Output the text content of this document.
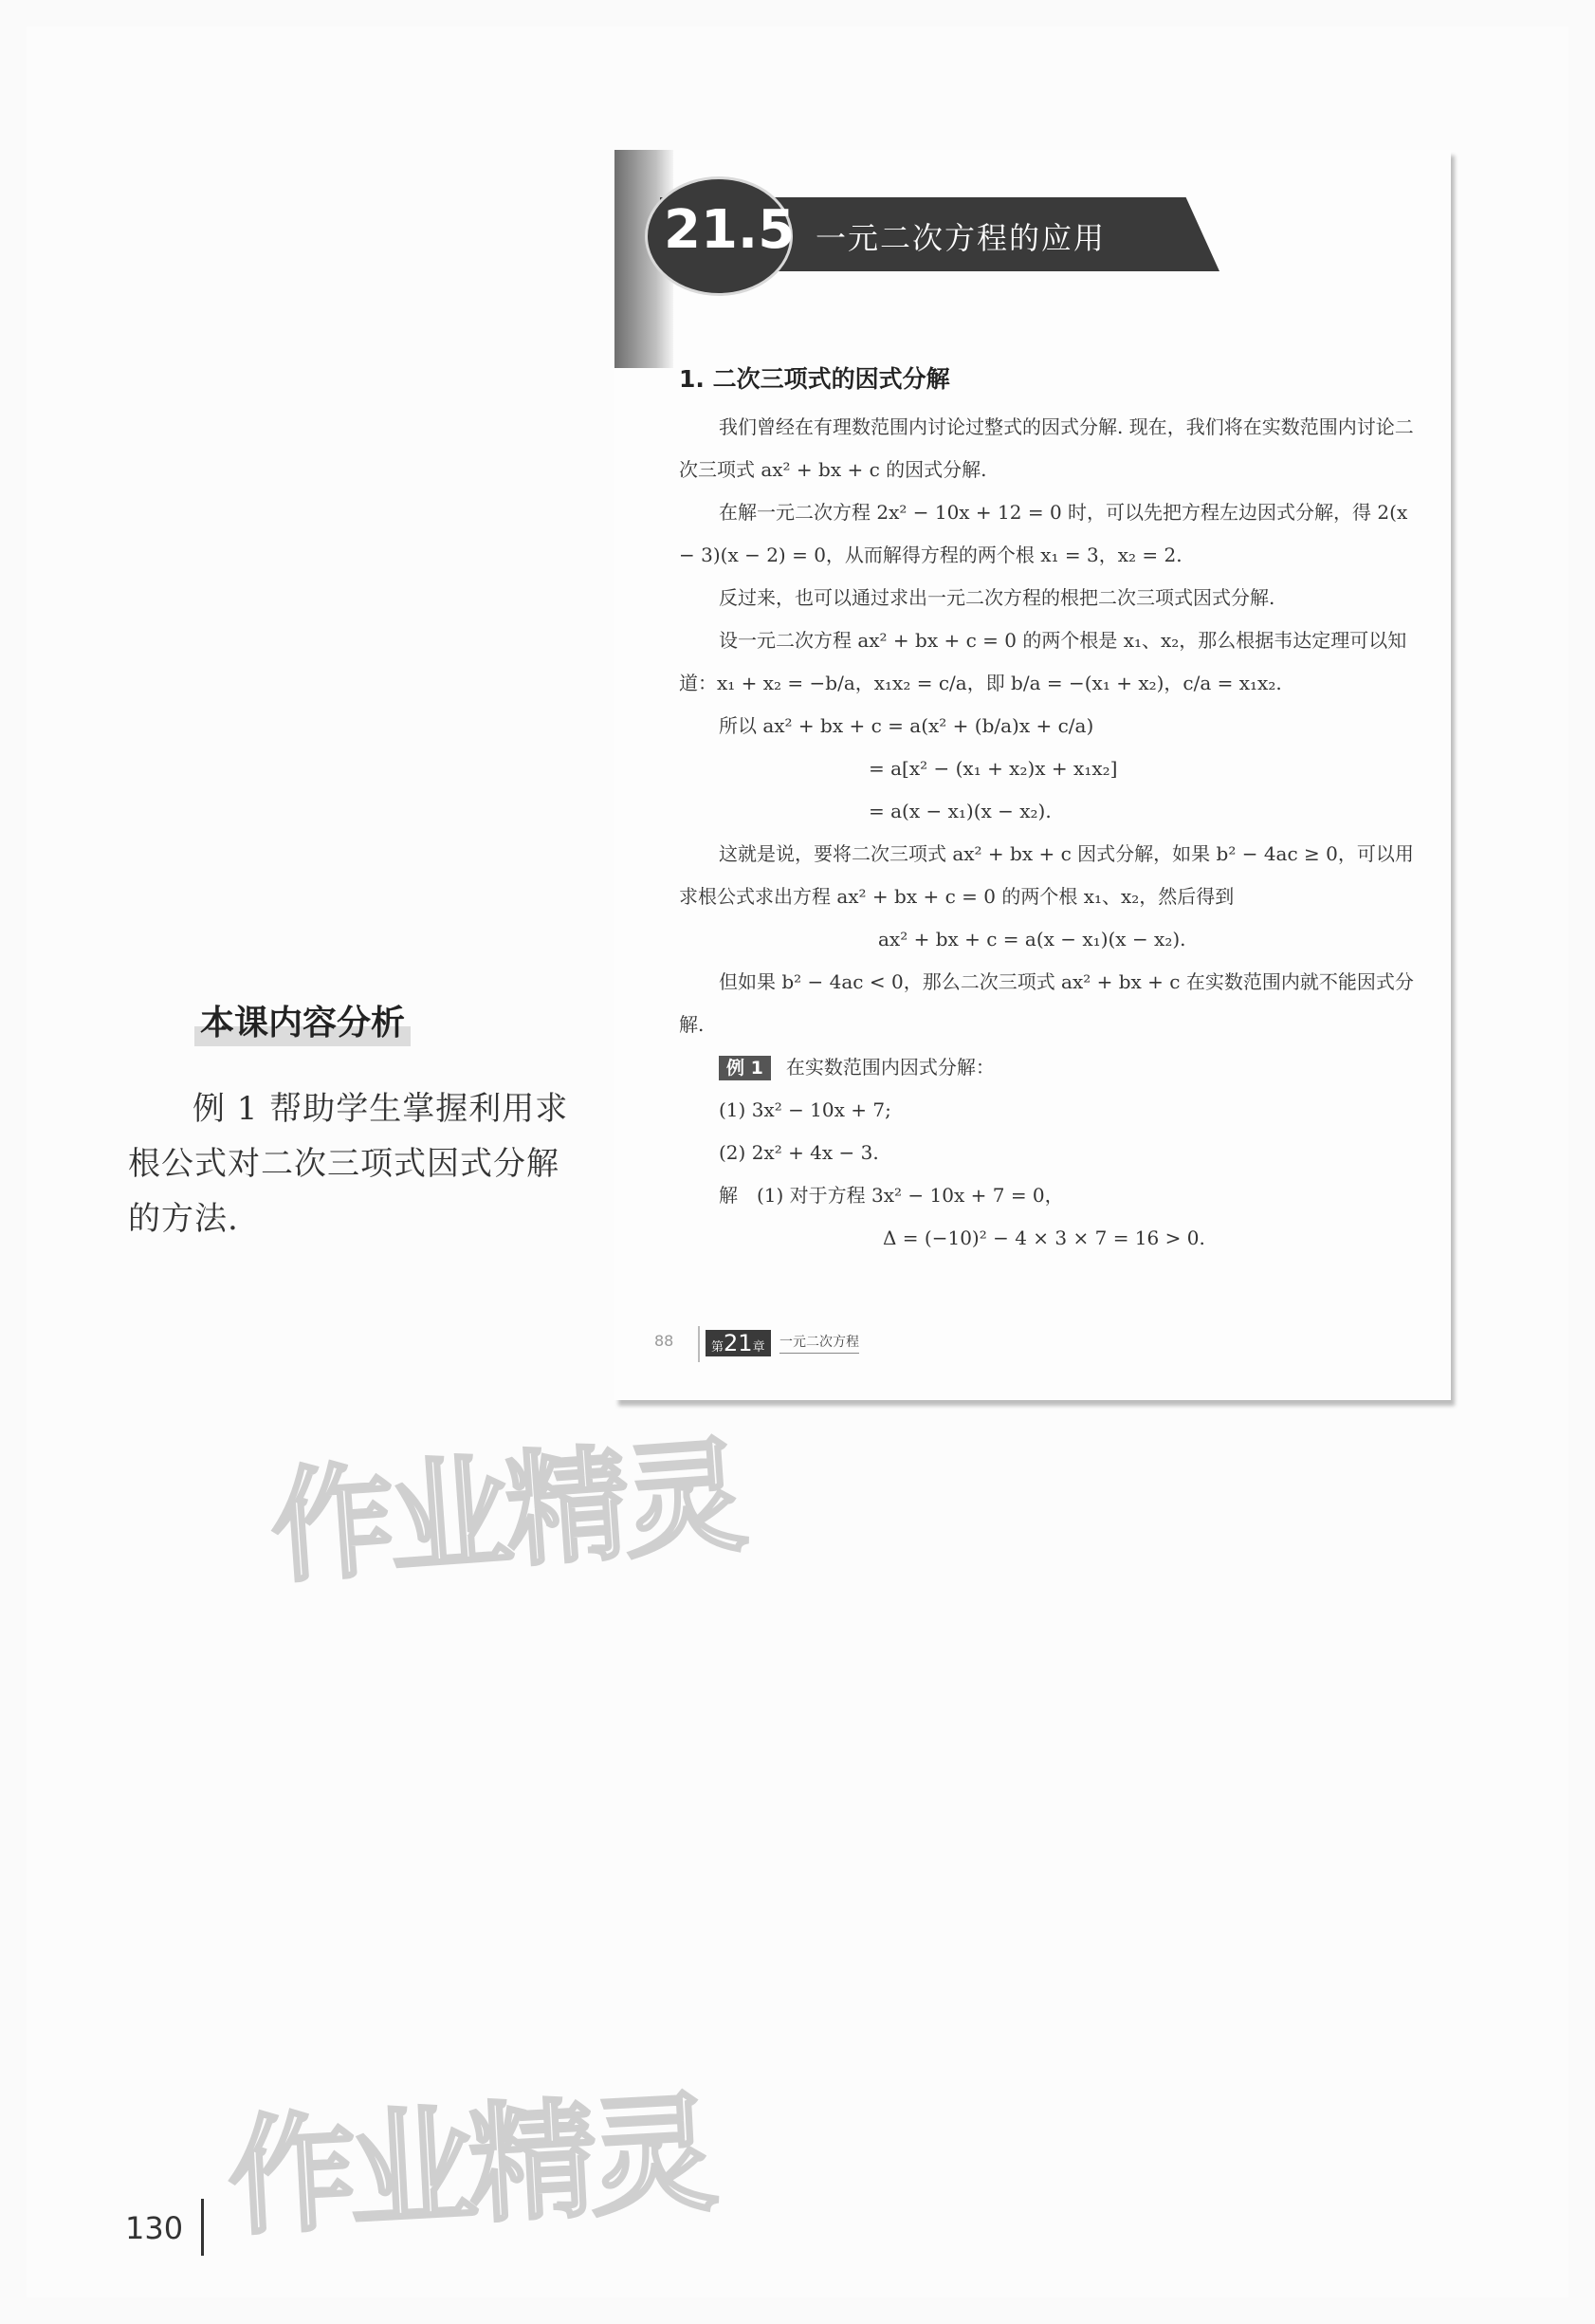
21.5 一元二次方程的应用
1. 二次三项式的因式分解

我们曾经在有理数范围内讨论过整式的因式分解. 现在，我们将在实数范围内讨论二次三项式 ax² + bx + c 的因式分解.

在解一元二次方程 2x² − 10x + 12 = 0 时，可以先把方程左边因式分解，得 2(x − 3)(x − 2) = 0，从而解得方程的两个根 x₁ = 3，x₂ = 2.

反过来，也可以通过求出一元二次方程的根把二次三项式因式分解.

设一元二次方程 ax² + bx + c = 0 的两个根是 x₁、x₂，那么根据韦达定理可以知道：x₁ + x₂ = −b/a，x₁x₂ = c/a，即 b/a = −(x₁ + x₂)，c/a = x₁x₂.

所以 ax² + bx + c = a(x² + (b/a)x + c/a)

= a[x² − (x₁ + x₂)x + x₁x₂]

= a(x − x₁)(x − x₂).

这就是说，要将二次三项式 ax² + bx + c 因式分解，如果 b² − 4ac ≥ 0，可以用求根公式求出方程 ax² + bx + c = 0 的两个根 x₁、x₂，然后得到

ax² + bx + c = a(x − x₁)(x − x₂).

但如果 b² − 4ac < 0，那么二次三项式 ax² + bx + c 在实数范围内就不能因式分解.

例 1 在实数范围内因式分解：

(1) 3x² − 10x + 7;

(2) 2x² + 4x − 3.

解　(1) 对于方程 3x² − 10x + 7 = 0，

Δ = (−10)² − 4 × 3 × 7 = 16 > 0.

88	第21章	一元二次方程
本课内容分析
例 1 帮助学生掌握利用求根公式对二次三项式因式分解的方法.
作业精灵
作业精灵
130
